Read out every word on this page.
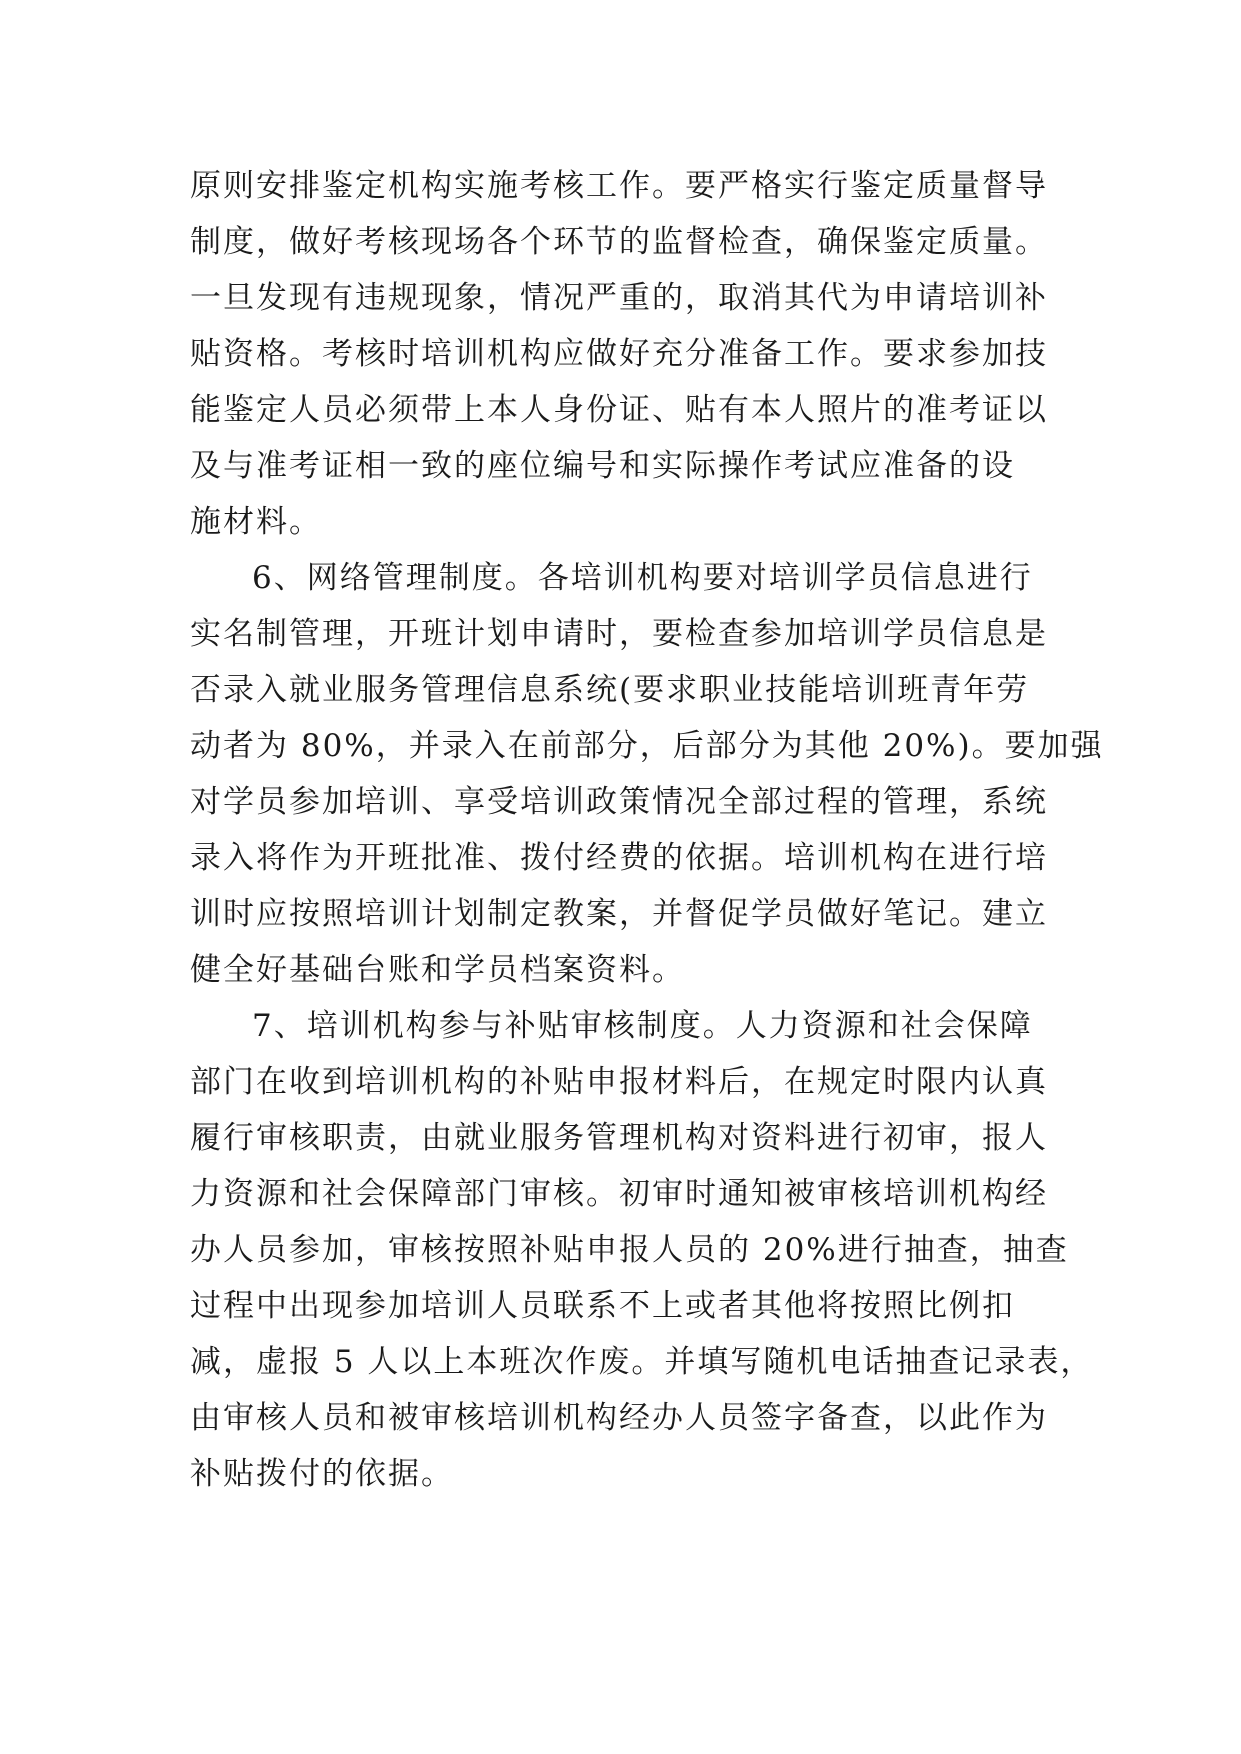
原则安排鉴定机构实施考核工作。要严格实行鉴定质量督导
制度，做好考核现场各个环节的监督检查，确保鉴定质量。
一旦发现有违规现象，情况严重的，取消其代为申请培训补
贴资格。考核时培训机构应做好充分准备工作。要求参加技
能鉴定人员必须带上本人身份证、贴有本人照片的准考证以
及与准考证相一致的座位编号和实际操作考试应准备的设
施材料。
6、网络管理制度。各培训机构要对培训学员信息进行
实名制管理，开班计划申请时，要检查参加培训学员信息是
否录入就业服务管理信息系统(要求职业技能培训班青年劳
动者为 80%，并录入在前部分，后部分为其他 20%)。要加强
对学员参加培训、享受培训政策情况全部过程的管理，系统
录入将作为开班批准、拨付经费的依据。培训机构在进行培
训时应按照培训计划制定教案，并督促学员做好笔记。建立
健全好基础台账和学员档案资料。
7、培训机构参与补贴审核制度。人力资源和社会保障
部门在收到培训机构的补贴申报材料后，在规定时限内认真
履行审核职责，由就业服务管理机构对资料进行初审，报人
力资源和社会保障部门审核。初审时通知被审核培训机构经
办人员参加，审核按照补贴申报人员的 20%进行抽查，抽查
过程中出现参加培训人员联系不上或者其他将按照比例扣
减，虚报 5 人以上本班次作废。并填写随机电话抽查记录表，
由审核人员和被审核培训机构经办人员签字备查，以此作为
补贴拨付的依据。
